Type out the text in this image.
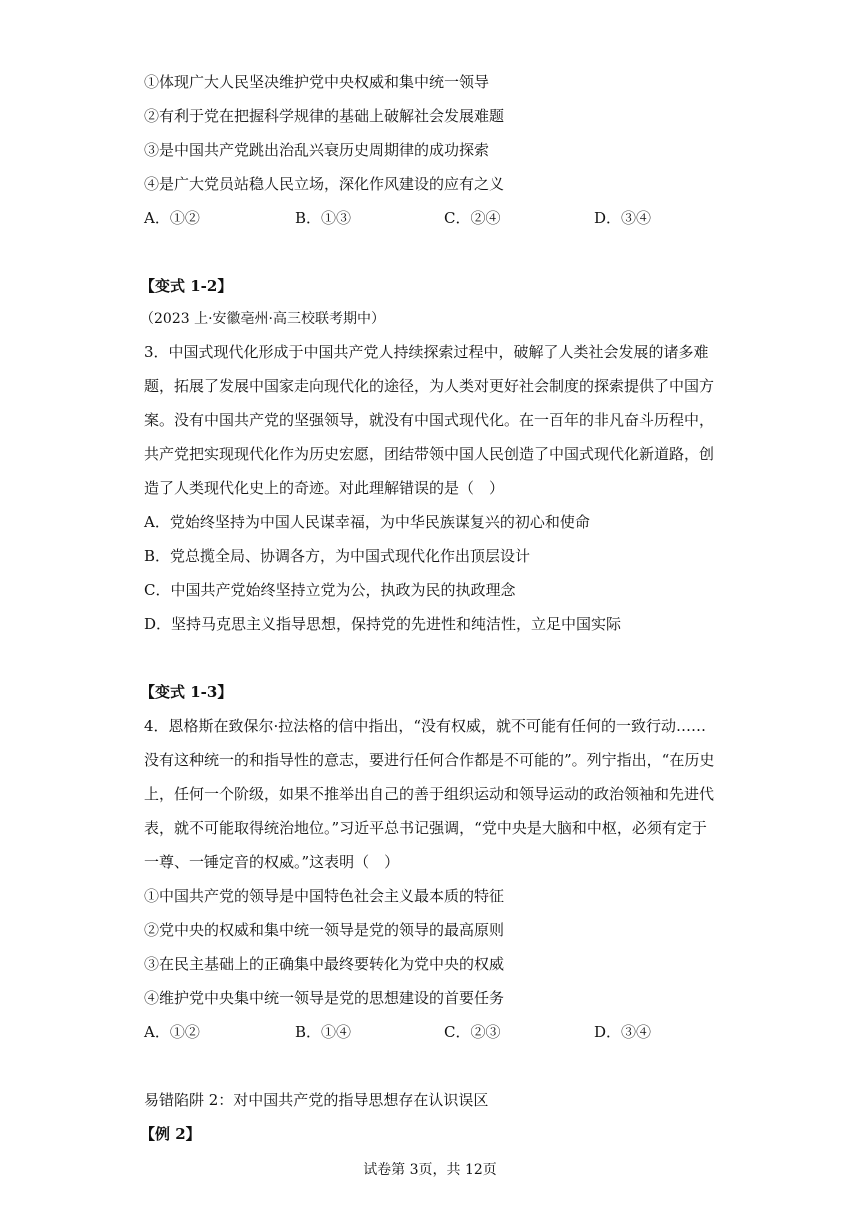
①体现广大人民坚决维护党中央权威和集中统一领导
②有利于党在把握科学规律的基础上破解社会发展难题
③是中国共产党跳出治乱兴衰历史周期律的成功探索
④是广大党员站稳人民立场，深化作风建设的应有之义
A．①②	B．①③	C．②④	D．③④
【变式 1-2】
（2023 上·安徽亳州·高三校联考期中）
3．中国式现代化形成于中国共产党人持续探索过程中，破解了人类社会发展的诸多难
题，拓展了发展中国家走向现代化的途径，为人类对更好社会制度的探索提供了中国方
案。没有中国共产党的坚强领导，就没有中国式现代化。在一百年的非凡奋斗历程中，
共产党把实现现代化作为历史宏愿，团结带领中国人民创造了中国式现代化新道路，创
造了人类现代化史上的奇迹。对此理解错误的是（　）
A．党始终坚持为中国人民谋幸福，为中华民族谋复兴的初心和使命
B．党总揽全局、协调各方，为中国式现代化作出顶层设计
C．中国共产党始终坚持立党为公，执政为民的执政理念
D．坚持马克思主义指导思想，保持党的先进性和纯洁性，立足中国实际
【变式 1-3】
4．恩格斯在致保尔·拉法格的信中指出，“没有权威，就不可能有任何的一致行动……
没有这种统一的和指导性的意志，要进行任何合作都是不可能的”。列宁指出，“在历史
上，任何一个阶级，如果不推举出自己的善于组织运动和领导运动的政治领袖和先进代
表，就不可能取得统治地位。”习近平总书记强调，“党中央是大脑和中枢，必须有定于
一尊、一锤定音的权威。”这表明（　）
①中国共产党的领导是中国特色社会主义最本质的特征
②党中央的权威和集中统一领导是党的领导的最高原则
③在民主基础上的正确集中最终要转化为党中央的权威
④维护党中央集中统一领导是党的思想建设的首要任务
A．①②	B．①④	C．②③	D．③④
易错陷阱 2：对中国共产党的指导思想存在认识误区
【例 2】
试卷第 3页，共 12页
